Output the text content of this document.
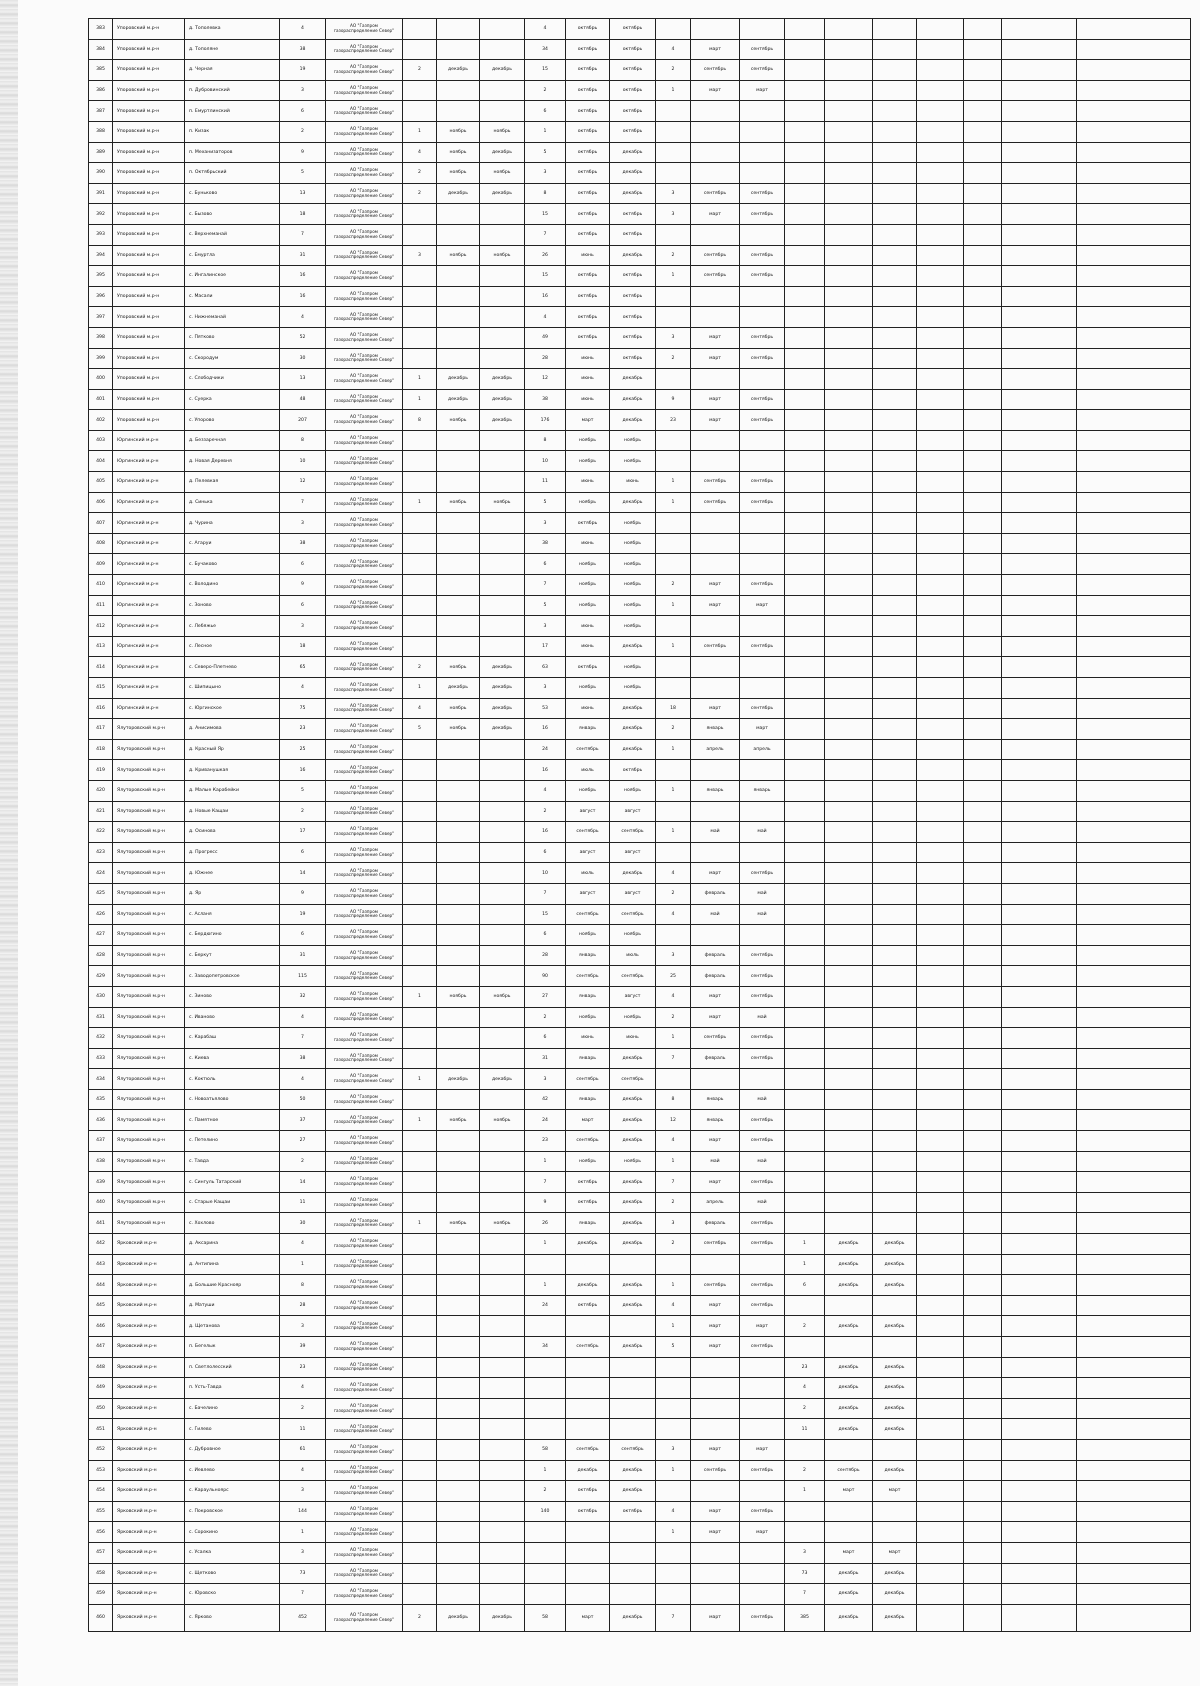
383	Упоровский м.р-н	д. Тополевка	4	АО "Газпром газораспределение Север"				4	октябрь	октябрь										
384	Упоровский м.р-н	д. Тополяне	38	АО "Газпром газораспределение Север"				34	октябрь	октябрь	4	март	сентябрь							
385	Упоровский м.р-н	д. Черная	19	АО "Газпром газораспределение Север"	2	декабрь	декабрь	15	октябрь	октябрь	2	сентябрь	сентябрь							
386	Упоровский м.р-н	п. Дубровинский	3	АО "Газпром газораспределение Север"				2	октябрь	октябрь	1	март	март							
387	Упоровский м.р-н	п. Емуртлинский	6	АО "Газпром газораспределение Север"				6	октябрь	октябрь										
388	Упоровский м.р-н	п. Кизак	2	АО "Газпром газораспределение Север"	1	ноябрь	ноябрь	1	октябрь	октябрь										
389	Упоровский м.р-н	п. Механизаторов	9	АО "Газпром газораспределение Север"	4	ноябрь	декабрь	5	октябрь	декабрь										
390	Упоровский м.р-н	п. Октябрьский	5	АО "Газпром газораспределение Север"	2	ноябрь	ноябрь	3	октябрь	декабрь										
391	Упоровский м.р-н	с. Буньково	13	АО "Газпром газораспределение Север"	2	декабрь	декабрь	8	октябрь	декабрь	3	сентябрь	сентябрь							
392	Упоровский м.р-н	с. Бызово	18	АО "Газпром газораспределение Север"				15	октябрь	октябрь	3	март	сентябрь							
393	Упоровский м.р-н	с. Верхнеманай	7	АО "Газпром газораспределение Север"				7	октябрь	октябрь										
394	Упоровский м.р-н	с. Емуртла	31	АО "Газпром газораспределение Север"	3	ноябрь	ноябрь	26	июнь	декабрь	2	сентябрь	сентябрь							
395	Упоровский м.р-н	с. Ингалинское	16	АО "Газпром газораспределение Север"				15	октябрь	октябрь	1	сентябрь	сентябрь							
396	Упоровский м.р-н	с. Масали	16	АО "Газпром газораспределение Север"				16	октябрь	октябрь										
397	Упоровский м.р-н	с. Нижнеманай	4	АО "Газпром газораспределение Север"				4	октябрь	октябрь										
398	Упоровский м.р-н	с. Пятково	52	АО "Газпром газораспределение Север"				49	октябрь	октябрь	3	март	сентябрь							
399	Упоровский м.р-н	с. Скородум	30	АО "Газпром газораспределение Север"				28	июнь	октябрь	2	март	сентябрь							
400	Упоровский м.р-н	с. Слободчики	13	АО "Газпром газораспределение Север"	1	декабрь	декабрь	12	июнь	декабрь										
401	Упоровский м.р-н	с. Суерка	48	АО "Газпром газораспределение Север"	1	декабрь	декабрь	38	июнь	декабрь	9	март	сентябрь							
402	Упоровский м.р-н	с. Упорово	207	АО "Газпром газораспределение Север"	8	ноябрь	декабрь	176	март	декабрь	23	март	сентябрь							
403	Юргинский м.р-н	д. Беззаречная	8	АО "Газпром газораспределение Север"				8	ноябрь	ноябрь										
404	Юргинский м.р-н	д. Новая Деревня	10	АО "Газпром газораспределение Север"				10	ноябрь	ноябрь										
405	Юргинский м.р-н	д. Пелевкая	12	АО "Газпром газораспределение Север"				11	июнь	июнь	1	сентябрь	сентябрь							
406	Юргинский м.р-н	д. Синька	7	АО "Газпром газораспределение Север"	1	ноябрь	ноябрь	5	ноябрь	декабрь	1	сентябрь	сентябрь							
407	Юргинский м.р-н	д. Чурина	3	АО "Газпром газораспределение Север"				3	октябрь	ноябрь										
408	Юргинский м.р-н	с. Агаруи	38	АО "Газпром газораспределение Север"				38	июнь	ноябрь										
409	Юргинский м.р-н	с. Бучаково	6	АО "Газпром газораспределение Север"				6	ноябрь	ноябрь										
410	Юргинский м.р-н	с. Володино	9	АО "Газпром газораспределение Север"				7	ноябрь	ноябрь	2	март	сентябрь							
411	Юргинский м.р-н	с. Зоново	6	АО "Газпром газораспределение Север"				5	ноябрь	ноябрь	1	март	март							
412	Юргинский м.р-н	с. Лебяжье	3	АО "Газпром газораспределение Север"				3	июнь	ноябрь										
413	Юргинский м.р-н	с. Лесное	18	АО "Газпром газораспределение Север"				17	июнь	декабрь	1	сентябрь	сентябрь							
414	Юргинский м.р-н	с. Северо-Плетнево	65	АО "Газпром газораспределение Север"	2	ноябрь	декабрь	63	октябрь	ноябрь										
415	Юргинский м.р-н	с. Шипицыно	4	АО "Газпром газораспределение Север"	1	декабрь	декабрь	3	ноябрь	ноябрь										
416	Юргинский м.р-н	с. Юргинское	75	АО "Газпром газораспределение Север"	4	ноябрь	декабрь	53	июнь	декабрь	18	март	сентябрь							
417	Ялуторовский м.р-н	д. Анисимова	23	АО "Газпром газораспределение Север"	5	ноябрь	декабрь	16	январь	декабрь	2	январь	март							
418	Ялуторовский м.р-н	д. Красный Яр	25	АО "Газпром газораспределение Север"				24	сентябрь	декабрь	1	апрель	апрель							
419	Ялуторовский м.р-н	д. Криванушкая	16	АО "Газпром газораспределение Север"				16	июль	октябрь										
420	Ялуторовский м.р-н	д. Малые Карабейки	5	АО "Газпром газораспределение Север"				4	ноябрь	ноябрь	1	январь	январь							
421	Ялуторовский м.р-н	д. Новые Кащаи	2	АО "Газпром газораспределение Север"				2	август	август										
422	Ялуторовский м.р-н	д. Осинова	17	АО "Газпром газораспределение Север"				16	сентябрь	сентябрь	1	май	май							
423	Ялуторовский м.р-н	д. Прогресс	6	АО "Газпром газораспределение Север"				6	август	август										
424	Ялуторовский м.р-н	д. Южнее	14	АО "Газпром газораспределение Север"				10	июль	декабрь	4	март	сентябрь							
425	Ялуторовский м.р-н	д. Яр	9	АО "Газпром газораспределение Север"				7	август	август	2	февраль	май							
426	Ялуторовский м.р-н	с. Асланя	19	АО "Газпром газораспределение Север"				15	сентябрь	сентябрь	4	май	май							
427	Ялуторовский м.р-н	с. Бердюгино	6	АО "Газпром газораспределение Север"				6	ноябрь	ноябрь										
428	Ялуторовский м.р-н	с. Беркут	31	АО "Газпром газораспределение Север"				28	январь	июль	3	февраль	сентябрь							
429	Ялуторовский м.р-н	с. Заводопетровское	115	АО "Газпром газораспределение Север"				90	сентябрь	сентябрь	25	февраль	сентябрь							
430	Ялуторовский м.р-н	с. Зиново	32	АО "Газпром газораспределение Север"	1	ноябрь	ноябрь	27	январь	август	4	март	сентябрь							
431	Ялуторовский м.р-н	с. Иваново	4	АО "Газпром газораспределение Север"				2	ноябрь	ноябрь	2	март	май							
432	Ялуторовский м.р-н	с. Карабаш	7	АО "Газпром газораспределение Север"				6	июнь	июнь	1	сентябрь	сентябрь							
433	Ялуторовский м.р-н	с. Киева	38	АО "Газпром газораспределение Север"				31	январь	декабрь	7	февраль	сентябрь							
434	Ялуторовский м.р-н	с. Коктюль	4	АО "Газпром газораспределение Север"	1	декабрь	декабрь	3	сентябрь	сентябрь										
435	Ялуторовский м.р-н	с. Новоатьялово	50	АО "Газпром газораспределение Север"				42	январь	декабрь	8	январь	май							
436	Ялуторовский м.р-н	с. Памятное	37	АО "Газпром газораспределение Север"	1	ноябрь	ноябрь	24	март	декабрь	12	январь	сентябрь							
437	Ялуторовский м.р-н	с. Петелино	27	АО "Газпром газораспределение Север"				23	сентябрь	декабрь	4	март	сентябрь							
438	Ялуторовский м.р-н	с. Тавда	2	АО "Газпром газораспределение Север"				1	ноябрь	ноябрь	1	май	май							
439	Ялуторовский м.р-н	с. Сингуль Татарский	14	АО "Газпром газораспределение Север"				7	октябрь	декабрь	7	март	сентябрь							
440	Ялуторовский м.р-н	с. Старые Кащаи	11	АО "Газпром газораспределение Север"				9	октябрь	декабрь	2	апрель	май							
441	Ялуторовский м.р-н	с. Хохлово	30	АО "Газпром газораспределение Север"	1	ноябрь	ноябрь	26	январь	декабрь	3	февраль	сентябрь							
442	Ярковский м.р-н	д. Аксарина	4	АО "Газпром газораспределение Север"				1	декабрь	декабрь	2	сентябрь	сентябрь	1	декабрь	декабрь				
443	Ярковский м.р-н	д. Антипина	1	АО "Газпром газораспределение Север"										1	декабрь	декабрь				
444	Ярковский м.р-н	д. Большие Краснояр	8	АО "Газпром газораспределение Север"				1	декабрь	декабрь	1	сентябрь	сентябрь	6	декабрь	декабрь				
445	Ярковский м.р-н	д. Матуши	28	АО "Газпром газораспределение Север"				24	октябрь	декабрь	4	март	сентябрь							
446	Ярковский м.р-н	д. Щетанова	3	АО "Газпром газораспределение Север"							1	март	март	2	декабрь	декабрь				
447	Ярковский м.р-н	п. Бегелык	39	АО "Газпром газораспределение Север"				34	сентябрь	декабрь	5	март	сентябрь							
448	Ярковский м.р-н	п. Светлолесский	23	АО "Газпром газораспределение Север"										23	декабрь	декабрь				
449	Ярковский м.р-н	п. Усть-Тавда	4	АО "Газпром газораспределение Север"										4	декабрь	декабрь				
450	Ярковский м.р-н	с. Бачелино	2	АО "Газпром газораспределение Север"										2	декабрь	декабрь				
451	Ярковский м.р-н	с. Гилево	11	АО "Газпром газораспределение Север"										11	декабрь	декабрь				
452	Ярковский м.р-н	с. Дубровное	61	АО "Газпром газораспределение Север"				58	сентябрь	сентябрь	3	март	март							
453	Ярковский м.р-н	с. Иевлево	4	АО "Газпром газораспределение Север"				1	декабрь	декабрь	1	сентябрь	сентябрь	2	сентябрь	декабрь				
454	Ярковский м.р-н	с. Караульноярс	3	АО "Газпром газораспределение Север"				2	октябрь	декабрь				1	март	март				
455	Ярковский м.р-н	с. Покровское	144	АО "Газпром газораспределение Север"				140	октябрь	октябрь	4	март	сентябрь							
456	Ярковский м.р-н	с. Сорокино	1	АО "Газпром газораспределение Север"							1	март	март							
457	Ярковский м.р-н	с. Усалка	3	АО "Газпром газораспределение Север"										3	март	март				
458	Ярковский м.р-н	с. Щетково	73	АО "Газпром газораспределение Север"										73	декабрь	декабрь				
459	Ярковский м.р-н	с. Юровско	7	АО "Газпром газораспределение Север"										7	декабрь	декабрь				
460	Ярковский м.р-н	с. Ярково	452	АО "Газпром газораспределение Север"	2	декабрь	декабрь	58	март	декабрь	7	март	сентябрь	385	декабрь	декабрь				
